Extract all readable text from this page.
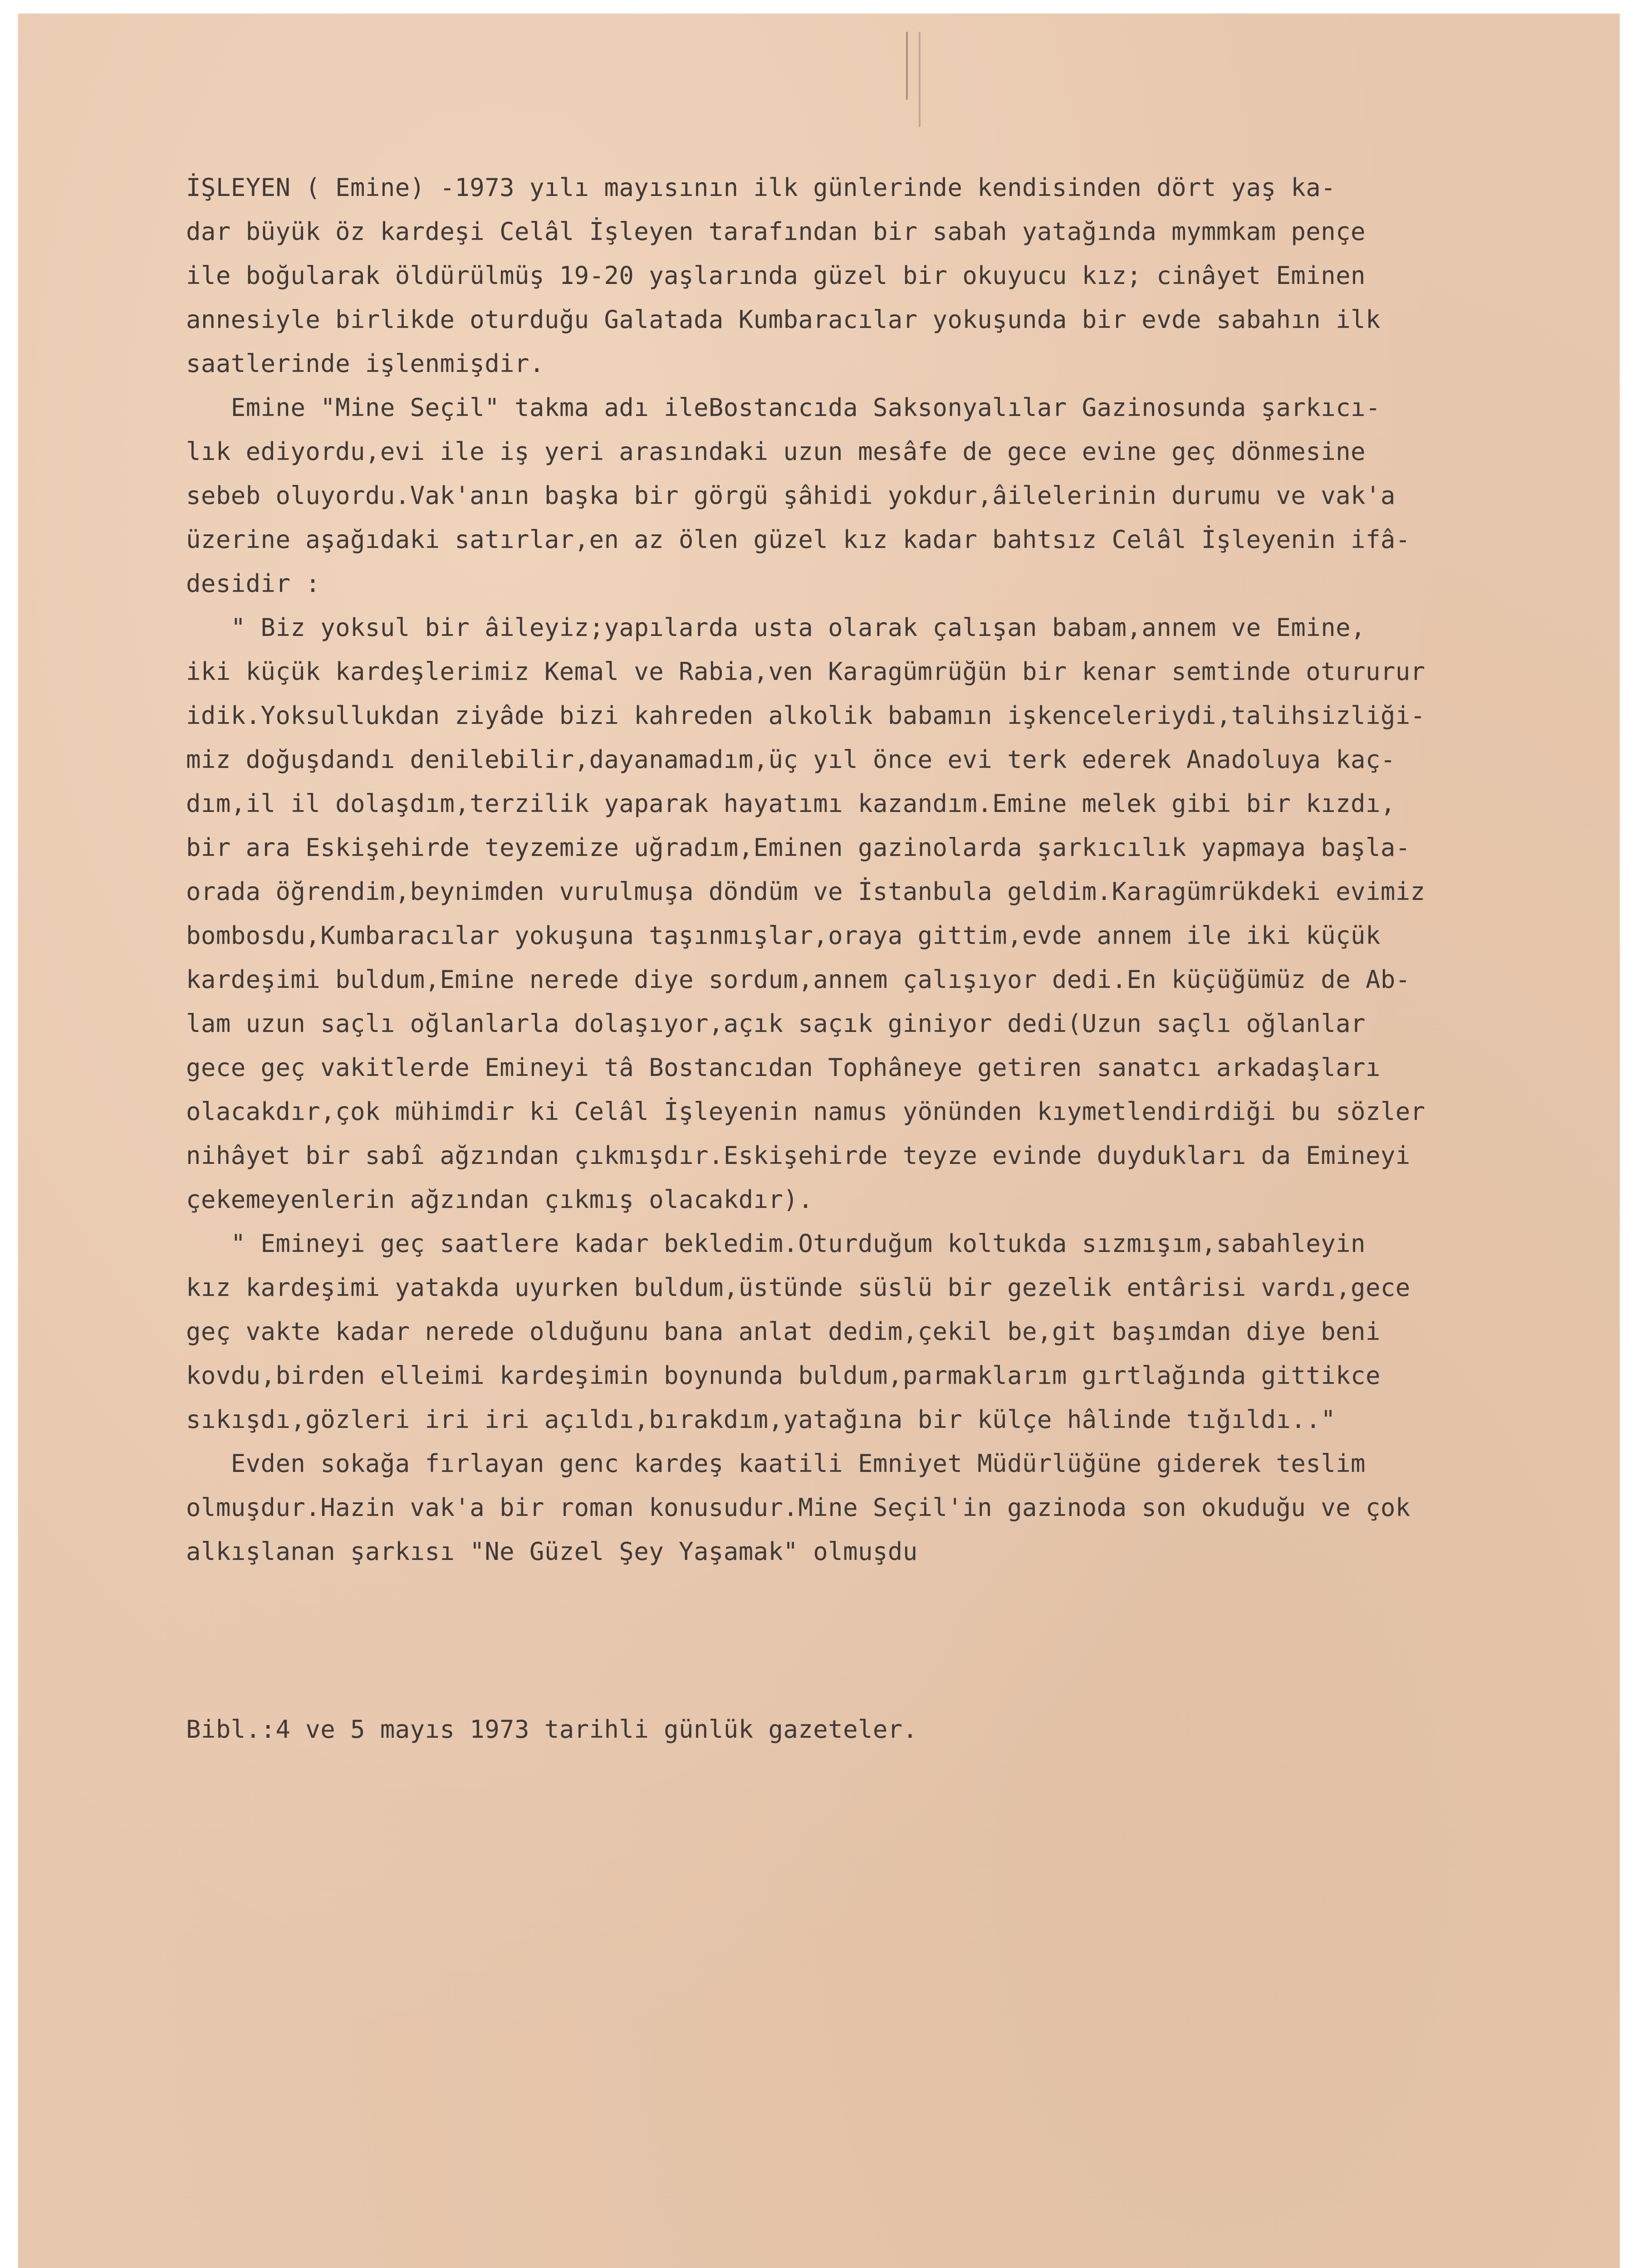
İŞLEYEN ( Emine) -1973 yılı mayısının ilk günlerinde kendisinden dört yaş ka-
dar büyük öz kardeşi Celâl İşleyen tarafından bir sabah yatağında mymmkam pençe
ile boğularak öldürülmüş 19-20 yaşlarında güzel bir okuyucu kız; cinâyet Eminen
annesiyle birlikde oturduğu Galatada Kumbaracılar yokuşunda bir evde sabahın ilk
saatlerinde işlenmişdir.
Emine "Mine Seçil" takma adı ileBostancıda Saksonyalılar Gazinosunda şarkıcı-
lık ediyordu,evi ile iş yeri arasındaki uzun mesâfe de gece evine geç dönmesine
sebeb oluyordu.Vak'anın başka bir görgü şâhidi yokdur,âilelerinin durumu ve vak'a
üzerine aşağıdaki satırlar,en az ölen güzel kız kadar bahtsız Celâl İşleyenin ifâ-
desidir :
" Biz yoksul bir âileyiz;yapılarda usta olarak çalışan babam,annem ve Emine,
iki küçük kardeşlerimiz Kemal ve Rabia,ven Karagümrüğün bir kenar semtinde otururur
idik.Yoksullukdan ziyâde bizi kahreden alkolik babamın işkenceleriydi,talihsizliği-
miz doğuşdandı denilebilir,dayanamadım,üç yıl önce evi terk ederek Anadoluya kaç-
dım,il il dolaşdım,terzilik yaparak hayatımı kazandım.Emine melek gibi bir kızdı,
bir ara Eskişehirde teyzemize uğradım,Eminen gazinolarda şarkıcılık yapmaya başla-
orada öğrendim,beynimden vurulmuşa döndüm ve İstanbula geldim.Karagümrükdeki evimiz
bombosdu,Kumbaracılar yokuşuna taşınmışlar,oraya gittim,evde annem ile iki küçük
kardeşimi buldum,Emine nerede diye sordum,annem çalışıyor dedi.En küçüğümüz de Ab-
lam uzun saçlı oğlanlarla dolaşıyor,açık saçık giniyor dedi(Uzun saçlı oğlanlar
gece geç vakitlerde Emineyi tâ Bostancıdan Tophâneye getiren sanatcı arkadaşları
olacakdır,çok mühimdir ki Celâl İşleyenin namus yönünden kıymetlendirdiği bu sözler
nihâyet bir sabî ağzından çıkmışdır.Eskişehirde teyze evinde duydukları da Emineyi
çekemeyenlerin ağzından çıkmış olacakdır).
" Emineyi geç saatlere kadar bekledim.Oturduğum koltukda sızmışım,sabahleyin
kız kardeşimi yatakda uyurken buldum,üstünde süslü bir gezelik entârisi vardı,gece
geç vakte kadar nerede olduğunu bana anlat dedim,çekil be,git başımdan diye beni
kovdu,birden elleimi kardeşimin boynunda buldum,parmaklarım gırtlağında gittikce
sıkışdı,gözleri iri iri açıldı,bırakdım,yatağına bir külçe hâlinde tığıldı.."
Evden sokağa fırlayan genc kardeş kaatili Emniyet Müdürlüğüne giderek teslim
olmuşdur.Hazin vak'a bir roman konusudur.Mine Seçil'in gazinoda son okuduğu ve çok
alkışlanan şarkısı "Ne Güzel Şey Yaşamak" olmuşdu
Bibl.:4 ve 5 mayıs 1973 tarihli günlük gazeteler.
